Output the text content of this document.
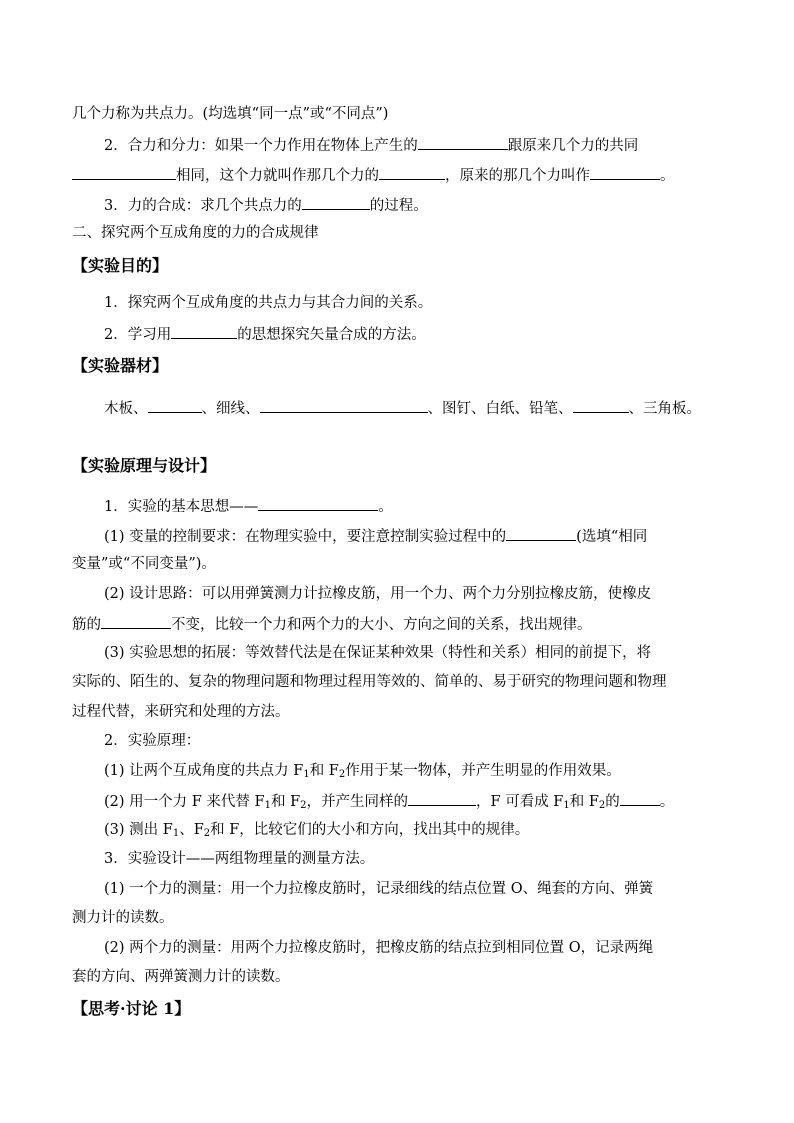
几个力称为共点力。(均选填“同一点”或“不同点”)
2．合力和分力：如果一个力作用在物体上产生的	跟原来几个力的共同
相同，这个力就叫作那几个力的	，原来的那几个力叫作	。
3．力的合成：求几个共点力的	的过程。
二、探究两个互成角度的力的合成规律
【实验目的】
1．探究两个互成角度的共点力与其合力间的关系。
2．学习用	的思想探究矢量合成的方法。
【实验器材】
木板、	、细线、	、图钉、白纸、铅笔、	、三角板。
【实验原理与设计】
1．实验的基本思想——	。
(1) 变量的控制要求：在物理实验中，要注意控制实验过程中的	(选填“相同
变量”或“不同变量”)。
(2) 设计思路：可以用弹簧测力计拉橡皮筋，用一个力、两个力分别拉橡皮筋，使橡皮
筋的	不变，比较一个力和两个力的大小、方向之间的关系，找出规律。
(3) 实验思想的拓展：等效替代法是在保证某种效果（特性和关系）相同的前提下，将
实际的、陌生的、复杂的物理问题和物理过程用等效的、简单的、易于研究的物理问题和物理
过程代替，来研究和处理的方法。
2．实验原理：
(1) 让两个互成角度的共点力 $F_1$和 $F_2$作用于某一物体，并产生明显的作用效果。
(2) 用一个力 F 来代替 $F_1$和 $F_2$，并产生同样的	，F 可看成 $F_1$和 $F_2$的	。
(3) 测出 $F_1$、$F_2$和 F，比较它们的大小和方向，找出其中的规律。
3．实验设计——两组物理量的测量方法。
(1) 一个力的测量：用一个力拉橡皮筋时，记录细线的结点位置 O、绳套的方向、弹簧
测力计的读数。
(2) 两个力的测量：用两个力拉橡皮筋时，把橡皮筋的结点拉到相同位置 O，记录两绳
套的方向、两弹簧测力计的读数。
【思考·讨论 1】
